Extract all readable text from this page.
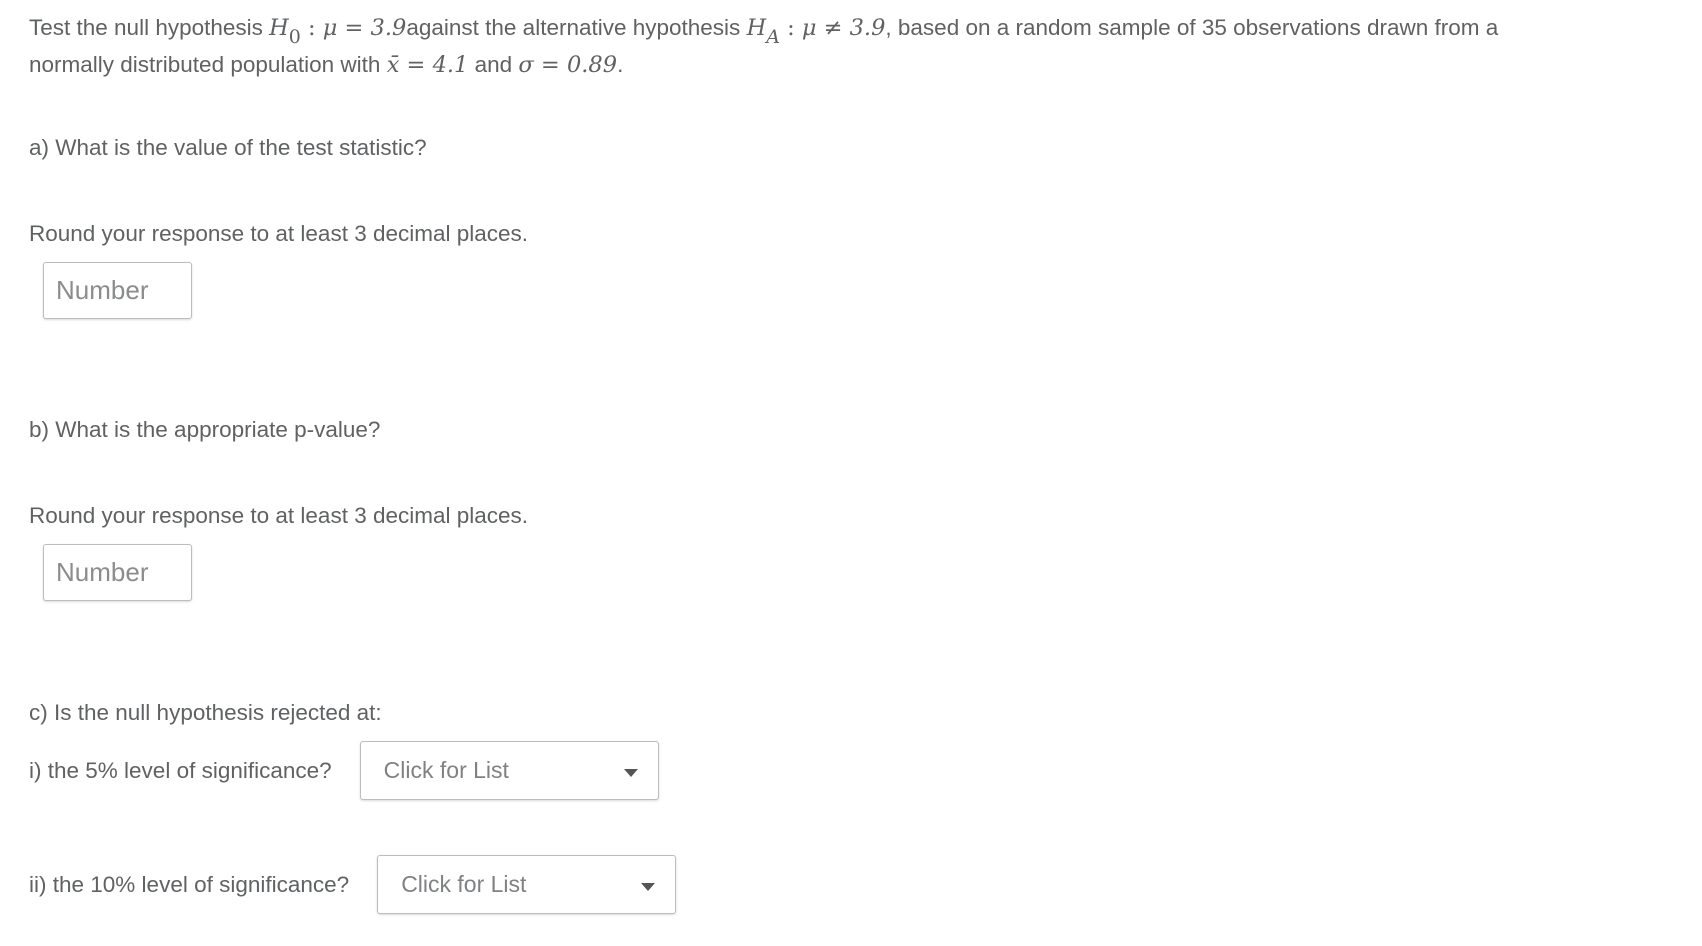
Test the null hypothesis $H_0$ : μ = 3.9against the alternative hypothesis $H_A$ : μ ≠ 3.9, based on a random sample of 35 observations drawn from a
normally distributed population with x̄ = 4.1 and σ = 0.89.
a) What is the value of the test statistic?
Round your response to at least 3 decimal places.
Number
b) What is the appropriate p-value?
Round your response to at least 3 decimal places.
Number
c) Is the null hypothesis rejected at:
i) the 5% level of significance? Click for List
ii) the 10% level of significance? Click for List
